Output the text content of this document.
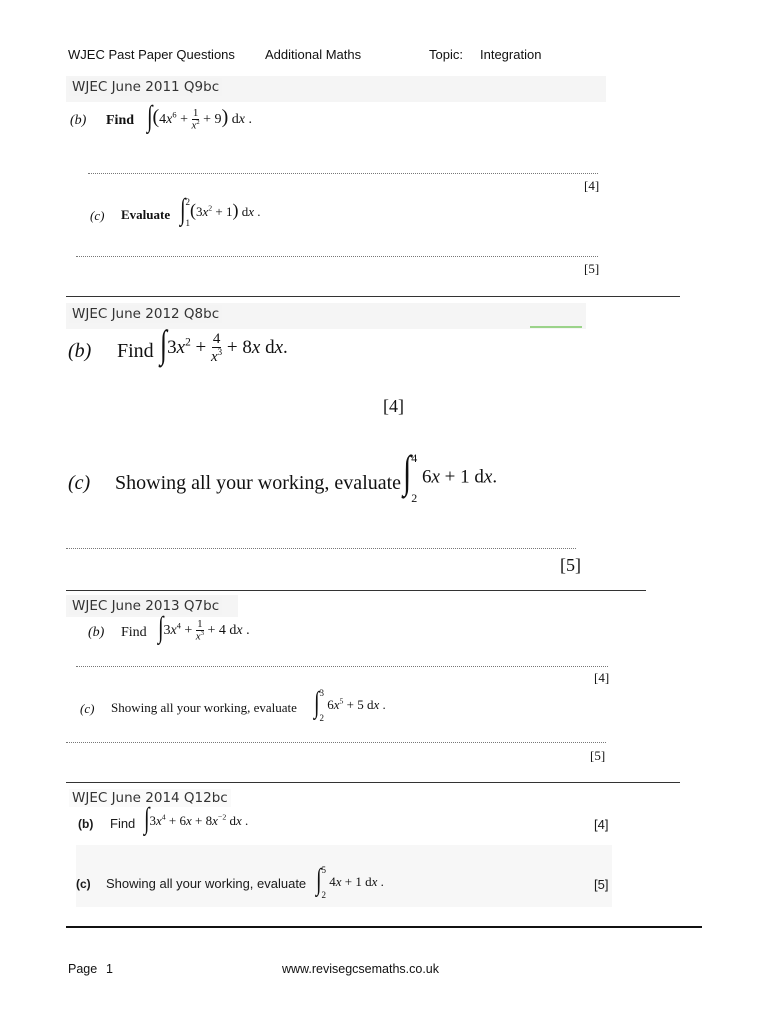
WJEC Past Paper Questions Additional Maths	Topic: Integration
WJEC June 2011 Q9bc
(b) Find $\int(4x^6 + \frac{1}{x^2} + 9)$ dx .
[4]
(c) Evaluate ∫ 2
1
$(3x^2 + 1)$ dx .
[5]
WJEC June 2012 Q8bc
(b) Find $\int 3x^2 + \frac{4}{x^3} + 8x$ dx.
[4]
(c) Showing all your working, evaluate ∫ 4
2
6x + 1 dx.
[5]
WJEC June 2013 Q7bc
(b) Find $\int 3x^4 + \frac{1}{x^3} + 4$ dx .
[4]
(c) Showing all your working, evaluate ∫ 3
2
$6x^5 + 5$ dx .
[5]
WJEC June 2014 Q12bc
(b) Find $\int 3x^4 + 6x + 8x^{-2}$ dx .	[4]
(c) Showing all your working, evaluate ∫ 5
2
4x + 1 dx .	[5]
Page 1	www.revisegcsemaths.co.uk
